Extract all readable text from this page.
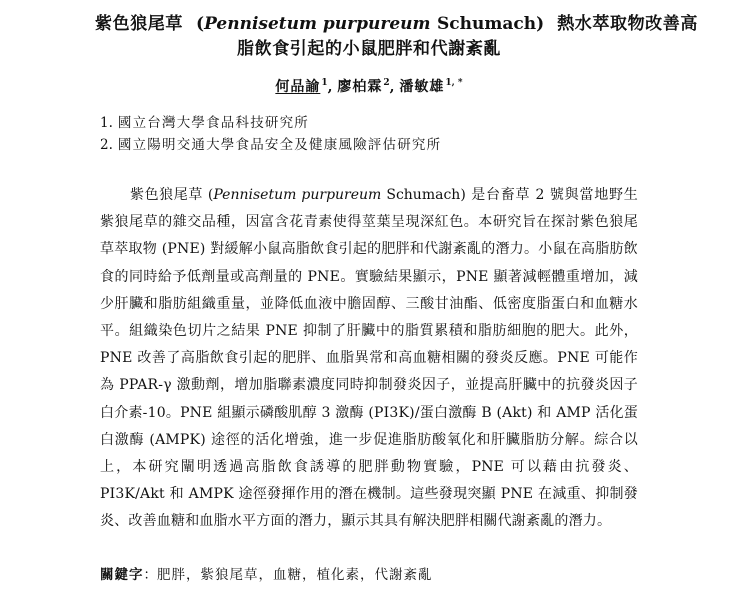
紫色狼尾草 (Pennisetum purpureum Schumach) 熱水萃取物改善高
脂飲食引起的小鼠肥胖和代謝紊亂
何品諭$^1$, 廖柏霖$^2$, 潘敏雄$^{1, *}$
1. 國立台灣大學食品科技研究所
2. 國立陽明交通大學食品安全及健康風險評估研究所

紫色狼尾草 (Pennisetum purpureum Schumach) 是台畜草 2 號與當地野生紫狼尾草的雜交品種，因富含花青素使得莖葉呈現深紅色。本研究旨在探討紫色狼尾草萃取物 (PNE) 對緩解小鼠高脂飲食引起的肥胖和代謝紊亂的潛力。小鼠在高脂肪飲食的同時給予低劑量或高劑量的 PNE。實驗結果顯示，PNE 顯著減輕體重增加，減少肝臟和脂肪組織重量，並降低血液中膽固醇、三酸甘油酯、低密度脂蛋白和血糖水平。組織染色切片之結果 PNE 抑制了肝臟中的脂質累積和脂肪細胞的肥大。此外，PNE 改善了高脂飲食引起的肥胖、血脂異常和高血糖相關的發炎反應。PNE 可能作為 PPAR-γ 激動劑，增加脂聯素濃度同時抑制發炎因子，並提高肝臟中的抗發炎因子白介素-10。PNE 組顯示磷酸肌醇 3 激酶 (PI3K)/蛋白激酶 B (Akt) 和 AMP 活化蛋白激酶 (AMPK) 途徑的活化增強，進一步促進脂肪酸氧化和肝臟脂肪分解。綜合以上，本研究闡明透過高脂飲食誘導的肥胖動物實驗，PNE 可以藉由抗發炎、PI3K/Akt 和 AMPK 途徑發揮作用的潛在機制。這些發現突顯 PNE 在減重、抑制發炎、改善血糖和血脂水平方面的潛力，顯示其具有解決肥胖相關代謝紊亂的潛力。

關鍵字：肥胖，紫狼尾草，血糖，植化素，代謝紊亂
